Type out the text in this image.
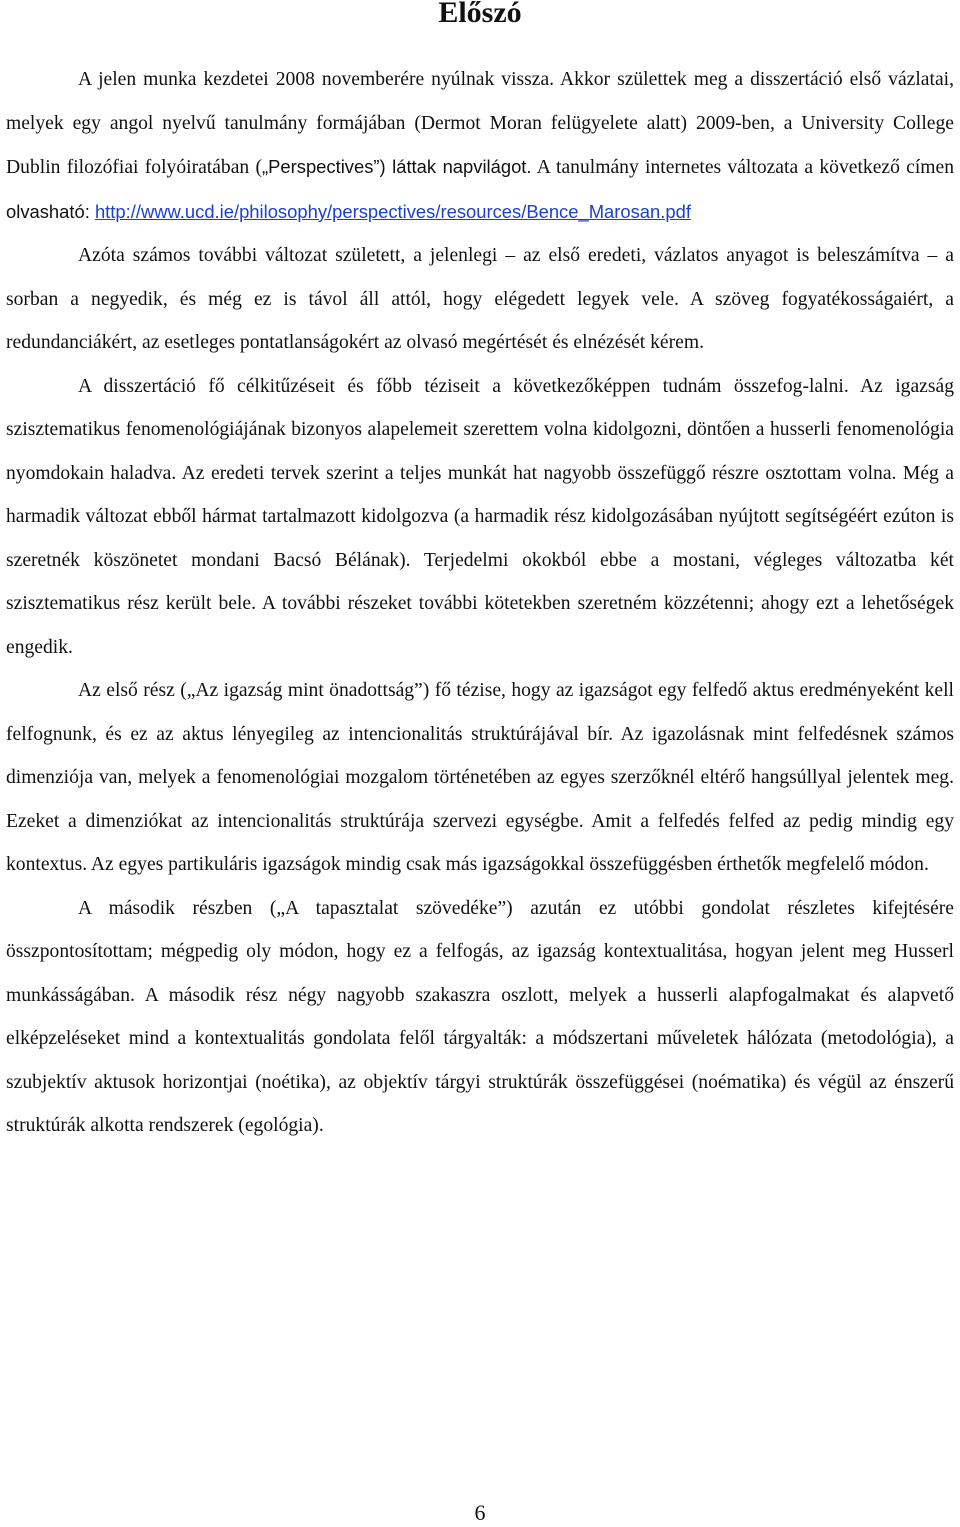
Előszó

A jelen munka kezdetei 2008 novemberére nyúlnak vissza. Akkor születtek meg a disszertáció első vázlatai, melyek egy angol nyelvű tanulmány formájában (Dermot Moran felügyelete alatt) 2009-ben, a University College Dublin filozófiai folyóiratában („Perspectives”) láttak napvilágot. A tanulmány internetes változata a következő címen olvasható: http://www.ucd.ie/philosophy/perspectives/resources/Bence_Marosan.pdf

Azóta számos további változat született, a jelenlegi – az első eredeti, vázlatos anyagot is beleszámítva – a sorban a negyedik, és még ez is távol áll attól, hogy elégedett legyek vele. A szöveg fogyatékosságaiért, a redundanciákért, az esetleges pontatlanságokért az olvasó megértését és elnézését kérem.

A disszertáció fő célkitűzéseit és főbb téziseit a következőképpen tudnám összefog-lalni. Az igazság szisztematikus fenomenológiájának bizonyos alapelemeit szerettem volna kidolgozni, döntően a husserli fenomenológia nyomdokain haladva. Az eredeti tervek szerint a teljes munkát hat nagyobb összefüggő részre osztottam volna. Még a harmadik változat ebből hármat tartalmazott kidolgozva (a harmadik rész kidolgozásában nyújtott segítségéért ezúton is szeretnék köszönetet mondani Bacsó Bélának). Terjedelmi okokból ebbe a mostani, végleges változatba két szisztematikus rész került bele. A további részeket további kötetekben szeretném közzétenni; ahogy ezt a lehetőségek engedik.

Az első rész („Az igazság mint önadottság”) fő tézise, hogy az igazságot egy felfedő aktus eredményeként kell felfognunk, és ez az aktus lényegileg az intencionalitás struktúrájával bír. Az igazolásnak mint felfedésnek számos dimenziója van, melyek a fenomenológiai mozgalom történetében az egyes szerzőknél eltérő hangsúllyal jelentek meg. Ezeket a dimenziókat az intencionalitás struktúrája szervezi egységbe. Amit a felfedés felfed az pedig mindig egy kontextus. Az egyes partikuláris igazságok mindig csak más igazságokkal összefüggésben érthetők megfelelő módon.

A második részben („A tapasztalat szövedéke”) azután ez utóbbi gondolat részletes kifejtésére összpontosítottam; mégpedig oly módon, hogy ez a felfogás, az igazság kontextualitása, hogyan jelent meg Husserl munkásságában. A második rész négy nagyobb szakaszra oszlott, melyek a husserli alapfogalmakat és alapvető elképzeléseket mind a kontextualitás gondolata felől tárgyalták: a módszertani műveletek hálózata (metodológia), a szubjektív aktusok horizontjai (noétika), az objektív tárgyi struktúrák összefüggései (noématika) és végül az énszerű struktúrák alkotta rendszerek (egológia).

6
